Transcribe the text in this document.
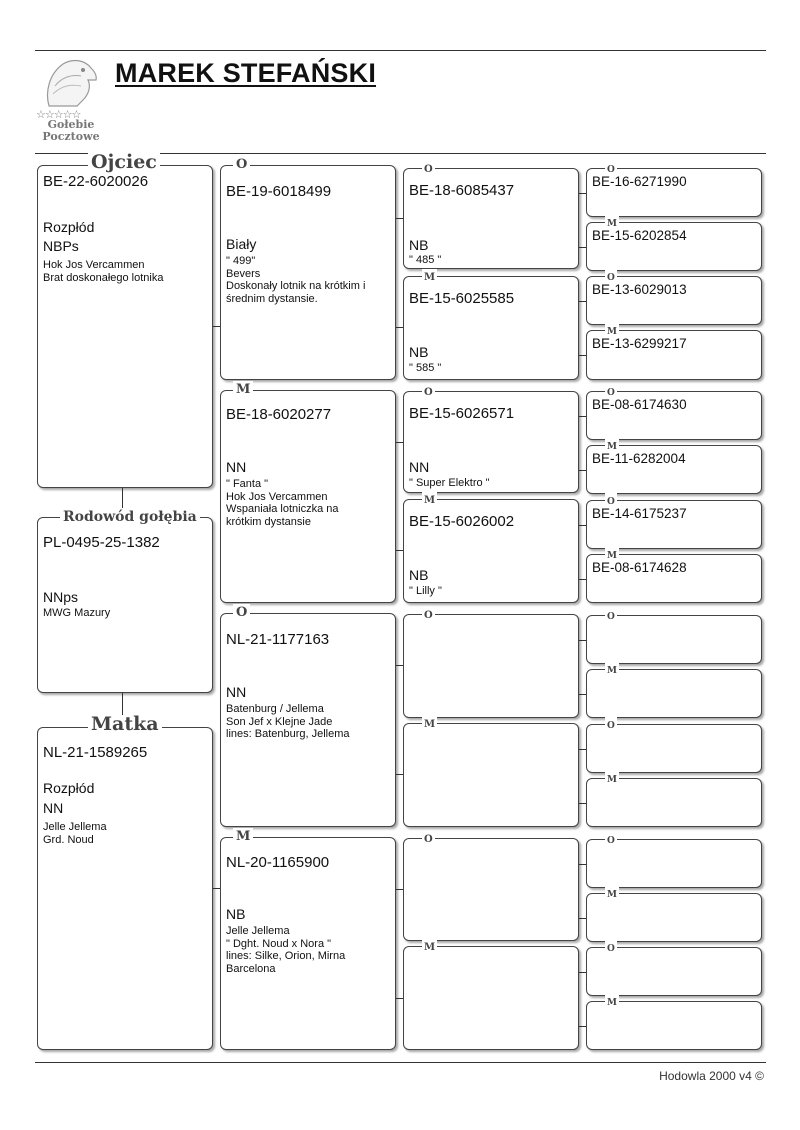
☆☆☆☆☆
Gołebie
Pocztowe
MAREK STEFAŃSKI
Ojciec
BE-22-6020026
Rozpłód
NBPs
Hok Jos Vercammen
Brat doskonałego lotnika
Rodowód gołębia
PL-0495-25-1382
NNps
MWG Mazury
Matka
NL-21-1589265
Rozpłód
NN
Jelle Jellema
Grd. Noud
O
BE-19-6018499
Biały
" 499"
Bevers
Doskonały lotnik na krótkim i
średnim dystansie.
M
BE-18-6020277
NN
" Fanta "
Hok Jos Vercammen
Wspaniała lotniczka na
krótkim dystansie
O
NL-21-1177163
NN
Batenburg / Jellema
Son Jef x Klejne Jade
lines: Batenburg, Jellema
M
NL-20-1165900
NB
Jelle Jellema
" Dght. Noud x Nora "
lines: Silke, Orion, Mirna
Barcelona
O
BE-18-6085437
NB
" 485 "
M
BE-15-6025585
NB
" 585 "
O
BE-15-6026571
NN
" Super Elektro "
M
BE-15-6026002
NB
" Lilly "
O
M
O
M
O
BE-16-6271990
M
BE-15-6202854
O
BE-13-6029013
M
BE-13-6299217
O
BE-08-6174630
M
BE-11-6282004
O
BE-14-6175237
M
BE-08-6174628
O
M
O
M
O
M
O
M
Hodowla 2000 v4 ©
